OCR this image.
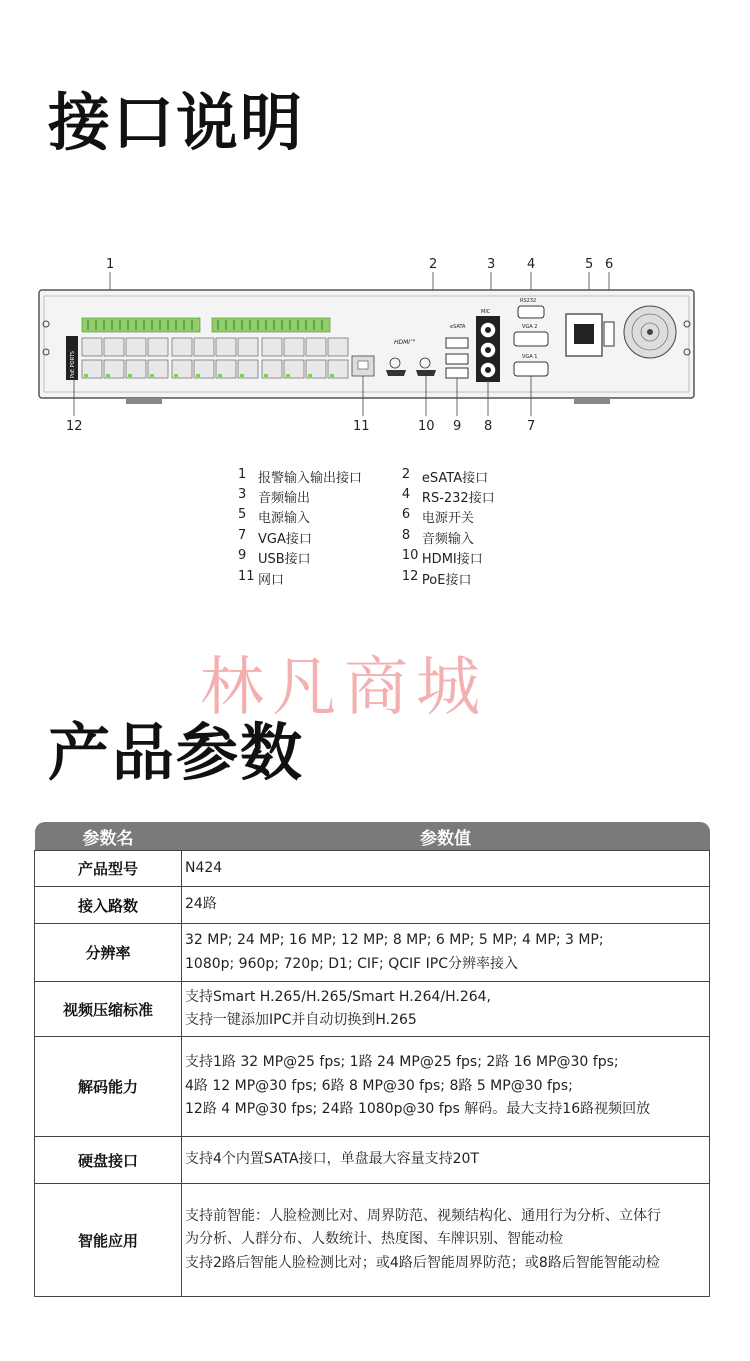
接口说明
1	2	3 4	5 6
PoE PORTS
HDMI™
eSATA
MIC
RS232
VGA 2
VGA 1
12	11	10 9 8	7
1 报警输入输出接口	2 eSATA接口
3 音频输出	4 RS-232接口
5 电源输入	6 电源开关
7 VGA接口	8 音频输入
9 USB接口	10 HDMI接口
11 网口	12 PoE接口
林凡商城
产品参数
参数名	参数值
产品型号	N424

接入路数	24路

分辨率	32 MP; 24 MP; 16 MP; 12 MP; 8 MP; 6 MP; 5 MP; 4 MP; 3 MP;
1080p; 960p; 720p; D1; CIF; QCIF IPC分辨率接入

视频压缩标准	支持Smart H.265/H.265/Smart H.264/H.264,
支持一键添加IPC并自动切换到H.265

解码能力	支持1路 32 MP@25 fps; 1路 24 MP@25 fps; 2路 16 MP@30 fps;
4路 12 MP@30 fps; 6路 8 MP@30 fps; 8路 5 MP@30 fps;
12路 4 MP@30 fps; 24路 1080p@30 fps 解码。最大支持16路视频回放

硬盘接口	支持4个内置SATA接口，单盘最大容量支持20T

智能应用	支持前智能：人脸检测比对、周界防范、视频结构化、通用行为分析、立体行
为分析、人群分布、人数统计、热度图、车牌识别、智能动检
支持2路后智能人脸检测比对；或4路后智能周界防范；或8路后智能智能动检
